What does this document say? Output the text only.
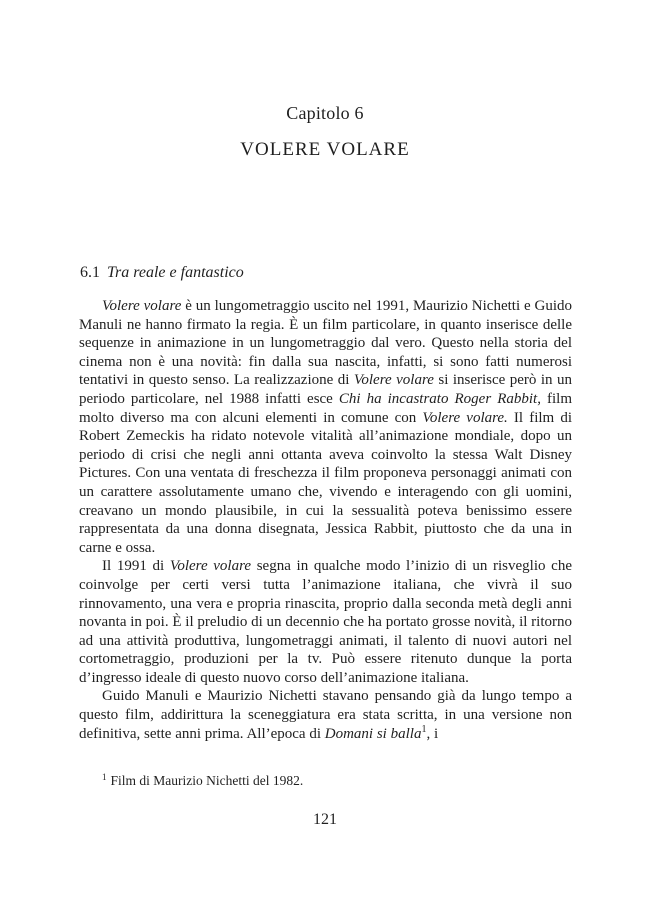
Capitolo 6
VOLERE VOLARE
6.1 Tra reale e fantastico

Volere volare è un lungometraggio uscito nel 1991, Maurizio Nichetti e Guido Manuli ne hanno firmato la regia. È un film particolare, in quanto inserisce delle sequenze in animazione in un lungometraggio dal vero. Questo nella storia del cinema non è una novità: fin dalla sua nascita, infatti, si sono fatti numerosi tentativi in questo senso. La realizzazione di Volere volare si inserisce però in un periodo particolare, nel 1988 infatti esce Chi ha incastrato Roger Rabbit, film molto diverso ma con alcuni elementi in comune con Volere volare. Il film di Robert Zemeckis ha ridato notevole vitalità all’animazione mondiale, dopo un periodo di crisi che negli anni ottanta aveva coinvolto la stessa Walt Disney Pictures. Con una ventata di freschezza il film proponeva personaggi animati con un carattere assolutamente umano che, vivendo e interagendo con gli uomini, creavano un mondo plausibile, in cui la sessualità poteva benissimo essere rappresentata da una donna disegnata, Jessica Rabbit, piuttosto che da una in carne e ossa.

Il 1991 di Volere volare segna in qualche modo l’inizio di un risveglio che coinvolge per certi versi tutta l’animazione italiana, che vivrà il suo rinnovamento, una vera e propria rinascita, proprio dalla seconda metà degli anni novanta in poi. È il preludio di un decennio che ha portato grosse novità, il ritorno ad una attività produttiva, lungometraggi animati, il talento di nuovi autori nel cortometraggio, produzioni per la tv. Può essere ritenuto dunque la porta d’ingresso ideale di questo nuovo corso dell’animazione italiana.

Guido Manuli e Maurizio Nichetti stavano pensando già da lungo tempo a questo film, addirittura la sceneggiatura era stata scritta, in una versione non definitiva, sette anni prima. All’epoca di Domani si balla$^1$, i

$^1$ Film di Maurizio Nichetti del 1982.
121
